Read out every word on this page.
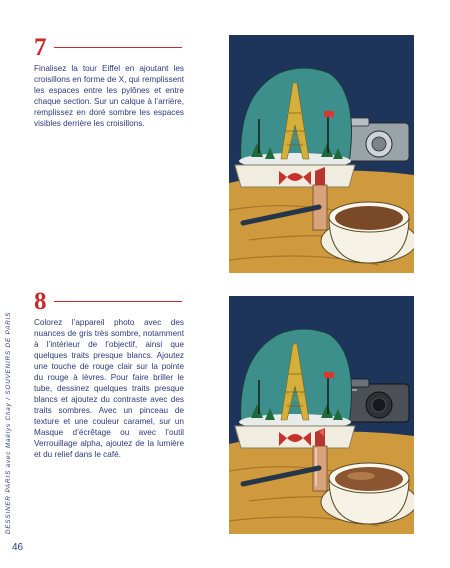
7
Finalisez la tour Eiffel en ajoutant les croisillons en forme de X, qui remplissent les espaces entre les pylônes et entre chaque section. Sur un calque à l’arrière, remplissez en doré sombre les espaces visibles derrière les croisillons.
8
Colorez l’appareil photo avec des nuances de gris très sombre, notamment à l’intérieur de l’objectif, ainsi que quelques traits presque blancs. Ajoutez une touche de rouge clair sur la pointe du rouge à lèvres. Pour faire briller le tube, dessinez quelques traits presque blancs et ajoutez du contraste avec des traits sombres. Avec un pinceau de texture et une couleur caramel, sur un Masque d’écrêtage ou avec l’outil Verrouillage alpha, ajoutez de la lumière et du relief dans le café.
DESSINER PARIS avec Maëlys Chay / SOUVENIRS DE PARIS
46
